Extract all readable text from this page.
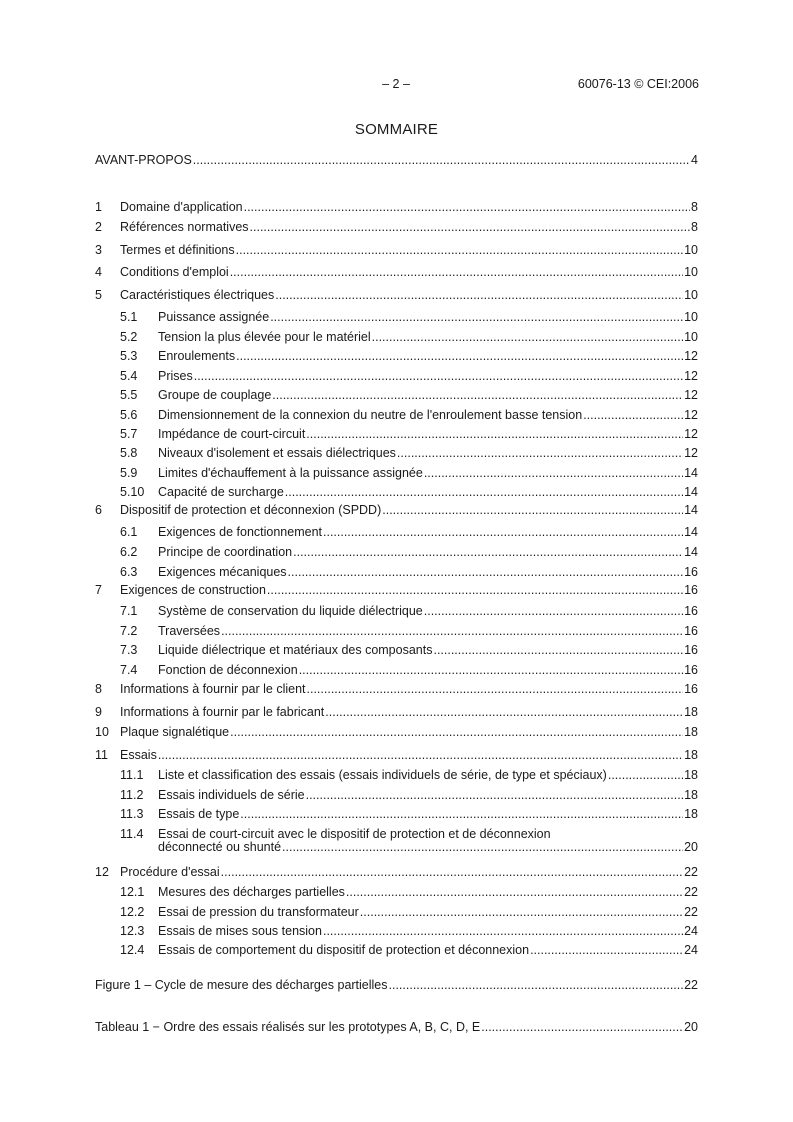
– 2 –	60076-13 © CEI:2006
SOMMAIRE
AVANT-PROPOS .....	4
1 Domaine d'application .....	8
2 Références normatives .....	8
3 Termes et définitions .....	10
4 Conditions d'emploi .....	10
5 Caractéristiques électriques .....	10
5.1 Puissance assignée .....	10
5.2 Tension la plus élevée pour le matériel .....	10
5.3 Enroulements .....	12
5.4 Prises .....	12
5.5 Groupe de couplage .....	12
5.6 Dimensionnement de la connexion du neutre de l'enroulement basse tension .....	12
5.7 Impédance de court-circuit .....	12
5.8 Niveaux d'isolement et essais diélectriques .....	12
5.9 Limites d'échauffement à la puissance assignée .....	14
5.10 Capacité de surcharge .....	14
6 Dispositif de protection et déconnexion (SPDD) .....	14
6.1 Exigences de fonctionnement .....	14
6.2 Principe de coordination .....	14
6.3 Exigences mécaniques .....	16
7 Exigences de construction .....	16
7.1 Système de conservation du liquide diélectrique .....	16
7.2 Traversées .....	16
7.3 Liquide diélectrique et matériaux des composants .....	16
7.4 Fonction de déconnexion .....	16
8 Informations à fournir par le client .....	16
9 Informations à fournir par le fabricant .....	18
10 Plaque signalétique .....	18
11 Essais .....	18
11.1 Liste et classification des essais (essais individuels de série, de type et spéciaux) .....	18
11.2 Essais individuels de série .....	18
11.3 Essais de type .....	18
11.4 Essai de court-circuit avec le dispositif de protection et de déconnexion
déconnecté ou shunté .....	20
12 Procédure d'essai .....	22
12.1 Mesures des décharges partielles .....	22
12.2 Essai de pression du transformateur .....	22
12.3 Essais de mises sous tension .....	24
12.4 Essais de comportement du dispositif de protection et déconnexion .....	24
Figure 1 – Cycle de mesure des décharges partielles .....	22
Tableau 1 − Ordre des essais réalisés sur les prototypes A, B, C, D, E .....	20
